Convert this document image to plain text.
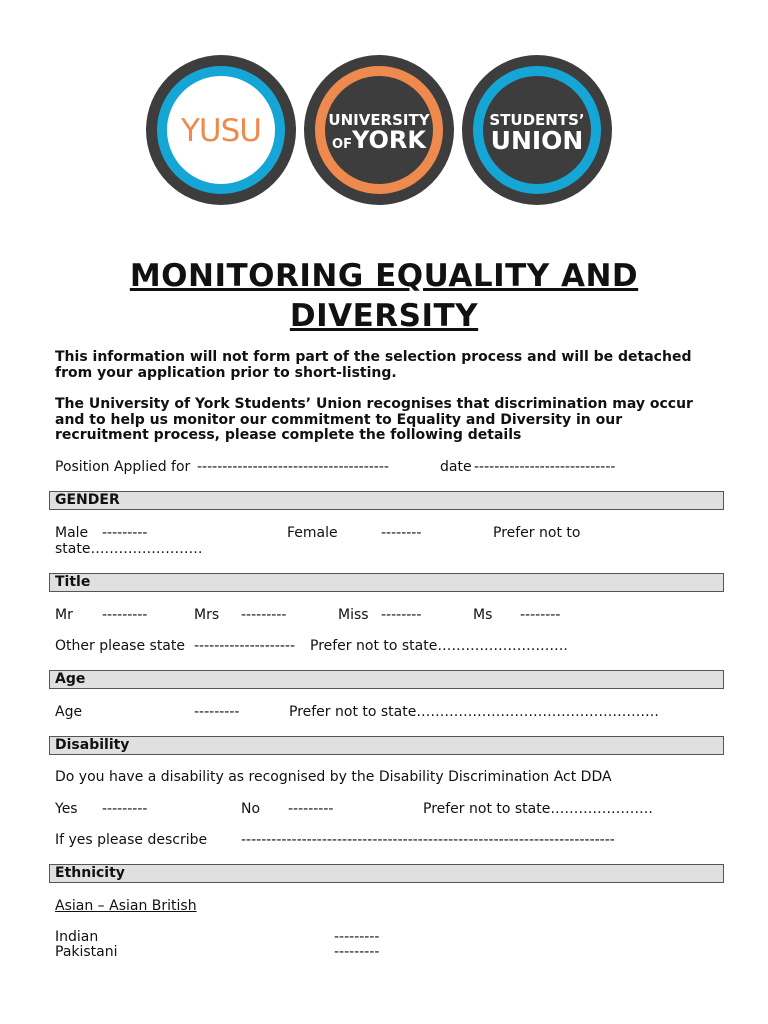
YUSU	UNIVERSITY
OFYORK
STUDENTS’
UNION
MONITORING EQUALITY AND
DIVERSITY
This information will not form part of the selection process and will be detached
from your application prior to short-listing.
The University of York Students’ Union recognises that discrimination may occur
and to help us monitor our commitment to Equality and Diversity in our
recruitment process, please complete the following details
Position Applied for --------------------------------------	date ----------------------------
GENDER
Male ---------	Female	--------	Prefer not to
state……………………
Title
Mr ---------	Mrs ---------	Miss --------	Ms --------
Other please state -------------------- Prefer not to state……………………….
Age
Age	---------	Prefer not to state…………………………………………….
Disability
Do you have a disability as recognised by the Disability Discrimination Act DDA
Yes ---------	No ---------	Prefer not to state………………….
If yes please describe --------------------------------------------------------------------------
Ethnicity
Asian – Asian British
Indian	---------
Pakistani	---------
